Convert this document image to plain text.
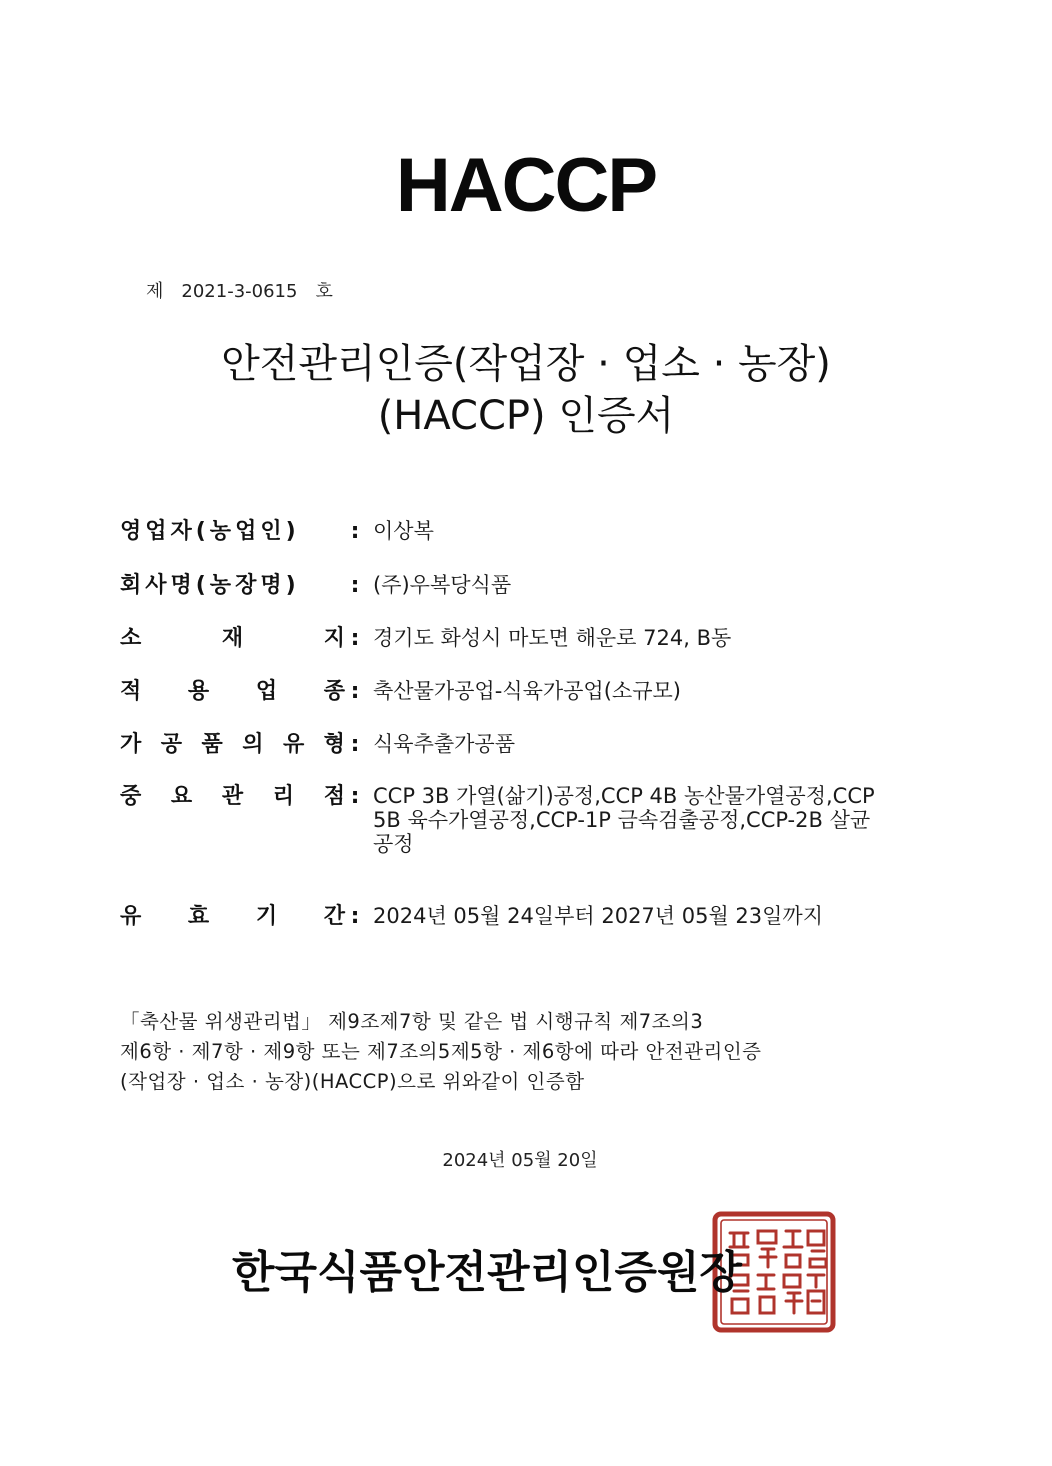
HACCP
제 2021-3-0615 호
안전관리인증(작업장 · 업소 · 농장)
(HACCP) 인증서
영업자(농업인)	: 이상복
회사명(농장명)	: (주)우복당식품
소	재	지 : 경기도 화성시 마도면 해운로 724, B동
적 용 업 종 : 축산물가공업-식육가공업(소규모)
가 공 품 의 유 형 : 식육추출가공품
중 요 관 리 점 : CCP 3B 가열(삶기)공정,CCP 4B 농산물가열공정,CCP
5B 육수가열공정,CCP-1P 금속검출공정,CCP-2B 살균
공정
유 효 기 간 : 2024년 05월 24일부터 2027년 05월 23일까지
「축산물 위생관리법」 제9조제7항 및 같은 법 시행규칙 제7조의3
제6항 · 제7항 · 제9항 또는 제7조의5제5항 · 제6항에 따라 안전관리인증
(작업장 · 업소 · 농장)(HACCP)으로 위와같이 인증함
2024년 05월 20일
한국식품안전관리인증원장
